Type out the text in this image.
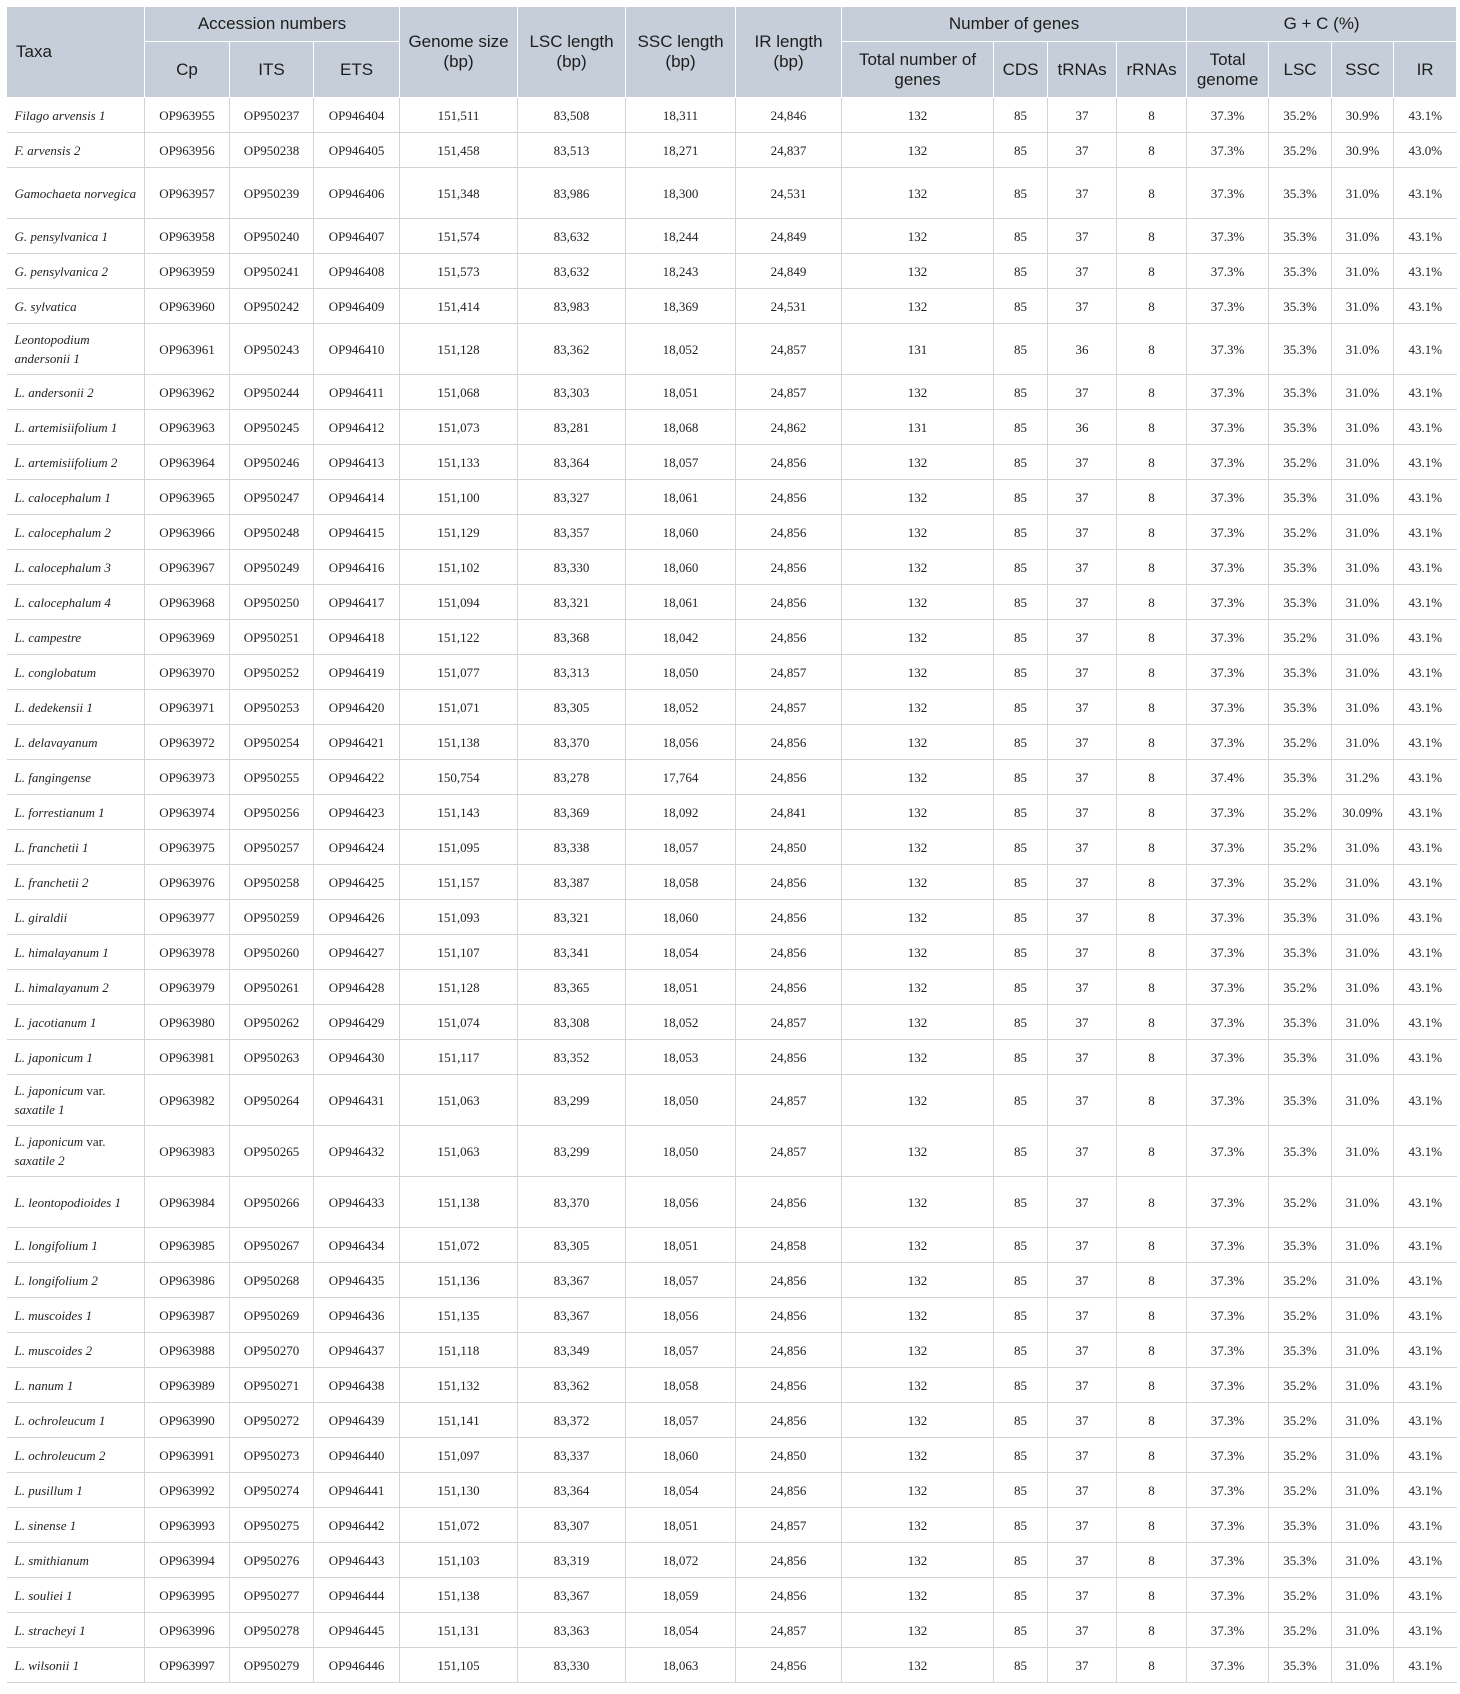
Taxa	Accession numbers			Genome size (bp)	LSC length (bp)	SSC length (bp)	IR length (bp)	Number of genes				G + C (%)			
	Cp	ITS	ETS					Total number of genes	CDS	tRNAs	rRNAs	Total genome	LSC	SSC	IR
Filago arvensis 1	OP963955	OP950237	OP946404	151,511	83,508	18,311	24,846	132	85	37	8	37.3%	35.2%	30.9%	43.1%
F. arvensis 2	OP963956	OP950238	OP946405	151,458	83,513	18,271	24,837	132	85	37	8	37.3%	35.2%	30.9%	43.0%
Gamochaeta norvegica	OP963957	OP950239	OP946406	151,348	83,986	18,300	24,531	132	85	37	8	37.3%	35.3%	31.0%	43.1%
G. pensylvanica 1	OP963958	OP950240	OP946407	151,574	83,632	18,244	24,849	132	85	37	8	37.3%	35.3%	31.0%	43.1%
G. pensylvanica 2	OP963959	OP950241	OP946408	151,573	83,632	18,243	24,849	132	85	37	8	37.3%	35.3%	31.0%	43.1%
G. sylvatica	OP963960	OP950242	OP946409	151,414	83,983	18,369	24,531	132	85	37	8	37.3%	35.3%	31.0%	43.1%
Leontopodium andersonii 1	OP963961	OP950243	OP946410	151,128	83,362	18,052	24,857	131	85	36	8	37.3%	35.3%	31.0%	43.1%
L. andersonii 2	OP963962	OP950244	OP946411	151,068	83,303	18,051	24,857	132	85	37	8	37.3%	35.3%	31.0%	43.1%
L. artemisiifolium 1	OP963963	OP950245	OP946412	151,073	83,281	18,068	24,862	131	85	36	8	37.3%	35.3%	31.0%	43.1%
L. artemisiifolium 2	OP963964	OP950246	OP946413	151,133	83,364	18,057	24,856	132	85	37	8	37.3%	35.2%	31.0%	43.1%
L. calocephalum 1	OP963965	OP950247	OP946414	151,100	83,327	18,061	24,856	132	85	37	8	37.3%	35.3%	31.0%	43.1%
L. calocephalum 2	OP963966	OP950248	OP946415	151,129	83,357	18,060	24,856	132	85	37	8	37.3%	35.2%	31.0%	43.1%
L. calocephalum 3	OP963967	OP950249	OP946416	151,102	83,330	18,060	24,856	132	85	37	8	37.3%	35.3%	31.0%	43.1%
L. calocephalum 4	OP963968	OP950250	OP946417	151,094	83,321	18,061	24,856	132	85	37	8	37.3%	35.3%	31.0%	43.1%
L. campestre	OP963969	OP950251	OP946418	151,122	83,368	18,042	24,856	132	85	37	8	37.3%	35.2%	31.0%	43.1%
L. conglobatum	OP963970	OP950252	OP946419	151,077	83,313	18,050	24,857	132	85	37	8	37.3%	35.3%	31.0%	43.1%
L. dedekensii 1	OP963971	OP950253	OP946420	151,071	83,305	18,052	24,857	132	85	37	8	37.3%	35.3%	31.0%	43.1%
L. delavayanum	OP963972	OP950254	OP946421	151,138	83,370	18,056	24,856	132	85	37	8	37.3%	35.2%	31.0%	43.1%
L. fangingense	OP963973	OP950255	OP946422	150,754	83,278	17,764	24,856	132	85	37	8	37.4%	35.3%	31.2%	43.1%
L. forrestianum 1	OP963974	OP950256	OP946423	151,143	83,369	18,092	24,841	132	85	37	8	37.3%	35.2%	30.09%	43.1%
L. franchetii 1	OP963975	OP950257	OP946424	151,095	83,338	18,057	24,850	132	85	37	8	37.3%	35.2%	31.0%	43.1%
L. franchetii 2	OP963976	OP950258	OP946425	151,157	83,387	18,058	24,856	132	85	37	8	37.3%	35.2%	31.0%	43.1%
L. giraldii	OP963977	OP950259	OP946426	151,093	83,321	18,060	24,856	132	85	37	8	37.3%	35.3%	31.0%	43.1%
L. himalayanum 1	OP963978	OP950260	OP946427	151,107	83,341	18,054	24,856	132	85	37	8	37.3%	35.3%	31.0%	43.1%
L. himalayanum 2	OP963979	OP950261	OP946428	151,128	83,365	18,051	24,856	132	85	37	8	37.3%	35.2%	31.0%	43.1%
L. jacotianum 1	OP963980	OP950262	OP946429	151,074	83,308	18,052	24,857	132	85	37	8	37.3%	35.3%	31.0%	43.1%
L. japonicum 1	OP963981	OP950263	OP946430	151,117	83,352	18,053	24,856	132	85	37	8	37.3%	35.3%	31.0%	43.1%
L. japonicum var. saxatile 1	OP963982	OP950264	OP946431	151,063	83,299	18,050	24,857	132	85	37	8	37.3%	35.3%	31.0%	43.1%
L. japonicum var. saxatile 2	OP963983	OP950265	OP946432	151,063	83,299	18,050	24,857	132	85	37	8	37.3%	35.3%	31.0%	43.1%
L. leontopodioides 1	OP963984	OP950266	OP946433	151,138	83,370	18,056	24,856	132	85	37	8	37.3%	35.2%	31.0%	43.1%
L. longifolium 1	OP963985	OP950267	OP946434	151,072	83,305	18,051	24,858	132	85	37	8	37.3%	35.3%	31.0%	43.1%
L. longifolium 2	OP963986	OP950268	OP946435	151,136	83,367	18,057	24,856	132	85	37	8	37.3%	35.2%	31.0%	43.1%
L. muscoides 1	OP963987	OP950269	OP946436	151,135	83,367	18,056	24,856	132	85	37	8	37.3%	35.2%	31.0%	43.1%
L. muscoides 2	OP963988	OP950270	OP946437	151,118	83,349	18,057	24,856	132	85	37	8	37.3%	35.3%	31.0%	43.1%
L. nanum 1	OP963989	OP950271	OP946438	151,132	83,362	18,058	24,856	132	85	37	8	37.3%	35.2%	31.0%	43.1%
L. ochroleucum 1	OP963990	OP950272	OP946439	151,141	83,372	18,057	24,856	132	85	37	8	37.3%	35.2%	31.0%	43.1%
L. ochroleucum 2	OP963991	OP950273	OP946440	151,097	83,337	18,060	24,850	132	85	37	8	37.3%	35.2%	31.0%	43.1%
L. pusillum 1	OP963992	OP950274	OP946441	151,130	83,364	18,054	24,856	132	85	37	8	37.3%	35.2%	31.0%	43.1%
L. sinense 1	OP963993	OP950275	OP946442	151,072	83,307	18,051	24,857	132	85	37	8	37.3%	35.3%	31.0%	43.1%
L. smithianum	OP963994	OP950276	OP946443	151,103	83,319	18,072	24,856	132	85	37	8	37.3%	35.3%	31.0%	43.1%
L. souliei 1	OP963995	OP950277	OP946444	151,138	83,367	18,059	24,856	132	85	37	8	37.3%	35.2%	31.0%	43.1%
L. stracheyi 1	OP963996	OP950278	OP946445	151,131	83,363	18,054	24,857	132	85	37	8	37.3%	35.2%	31.0%	43.1%
L. wilsonii 1	OP963997	OP950279	OP946446	151,105	83,330	18,063	24,856	132	85	37	8	37.3%	35.3%	31.0%	43.1%
